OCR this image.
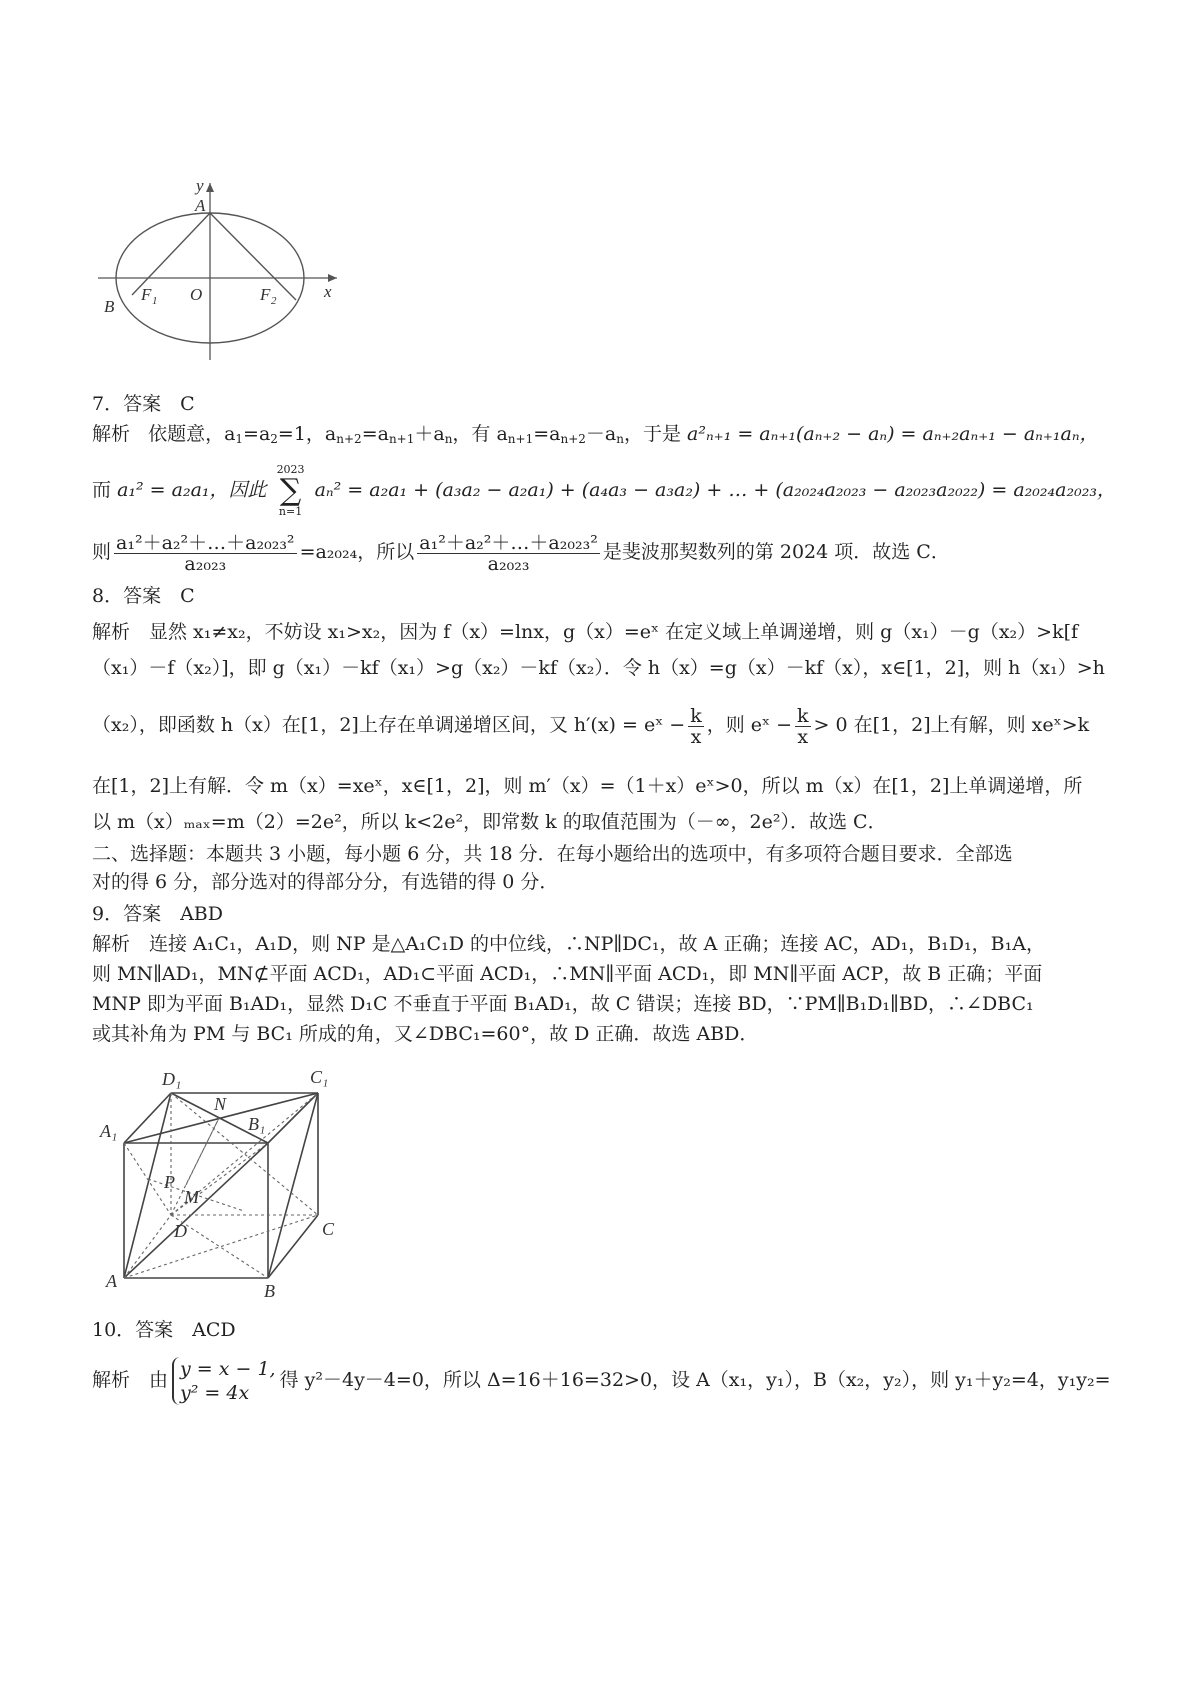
y
A
x
B
F 1 O	F 2
7．答案　C
解析 依题意，$a_1=a_2=1$，$a_{n+2}=a_{n+1}+a_n$，有 $a_{n+1}=a_{n+2}-a_n$，于是 a²ₙ₊₁ = aₙ₊₁(aₙ₊₂ − aₙ) = aₙ₊₂aₙ₊₁ − aₙ₊₁aₙ，
而 a₁² = a₂a₁，因此
2023
∑
n=1
aₙ² = a₂a₁ + (a₃a₂ − a₂a₁) + (a₄a₃ − a₃a₂) + … + (a₂₀₂₄a₂₀₂₃ − a₂₀₂₃a₂₀₂₂) = a₂₀₂₄a₂₀₂₃，
则 $\frac{\text{a₁²＋a₂²＋…＋a₂₀₂₃²}}{\text{a₂₀₂₃}} =a_{2024}$，所以 $\frac{\text{a₁²＋a₂²＋…＋a₂₀₂₃²}}{\text{a₂₀₂₃}}$ 是斐波那契数列的第 2024 项．故选 C．
8．答案　C
解析　显然 x₁≠x₂，不妨设 x₁>x₂，因为 f（x）=lnx，g（x）=eˣ 在定义域上单调递增，则 g（x₁）－g（x₂）>k[f
（x₁）－f（x₂）]，即 g（x₁）－kf（x₁）>g（x₂）－kf（x₂）．令 h（x）=g（x）－kf（x），x∈[1，2]，则 h（x₁）>h
（x₂），即函数 h（x）在[1，2]上存在单调递增区间，又 h′(x) = eˣ − $\frac{k}{x}$ ，则 eˣ − $\frac{k}{x} > 0$ 在[1，2]上有解，则 xeˣ>k
在[1，2]上有解．令 m（x）=xeˣ，x∈[1，2]，则 m′（x）=（1＋x）eˣ>0，所以 m（x）在[1，2]上单调递增，所
以 m（x）ₘₐₓ=m（2）=2e²，所以 k<2e²，即常数 k 的取值范围为（－∞，2e²）．故选 C．
二、选择题：本题共 3 小题，每小题 6 分，共 18 分．在每小题给出的选项中，有多项符合题目要求．全部选
对的得 6 分，部分选对的得部分分，有选错的得 0 分．
9．答案　ABD
解析　连接 A₁C₁，A₁D，则 NP 是△A₁C₁D 的中位线，∴NP∥DC₁，故 A 正确；连接 AC，AD₁，B₁D₁，B₁A，
则 MN∥AD₁，MN⊄平面 ACD₁，AD₁⊂平面 ACD₁，∴MN∥平面 ACD₁，即 MN∥平面 ACP，故 B 正确；平面
MNP 即为平面 B₁AD₁，显然 D₁C 不垂直于平面 B₁AD₁，故 C 错误；连接 BD，∵PM∥B₁D₁∥BD，∴∠DBC₁
或其补角为 PM 与 BC₁ 所成的角，又∠DBC₁=60°，故 D 正确．故选 ABD．
D₁	C₁
N
B₁
A₁
P
M
C
D
A	B
10．答案　ACD
解析　由 y = x − 1,
y² = 4x
得 y²－4y－4=0，所以 Δ=16＋16=32>0，设 A（x₁，y₁），B（x₂，y₂），则 y₁＋y₂=4，y₁y₂=
